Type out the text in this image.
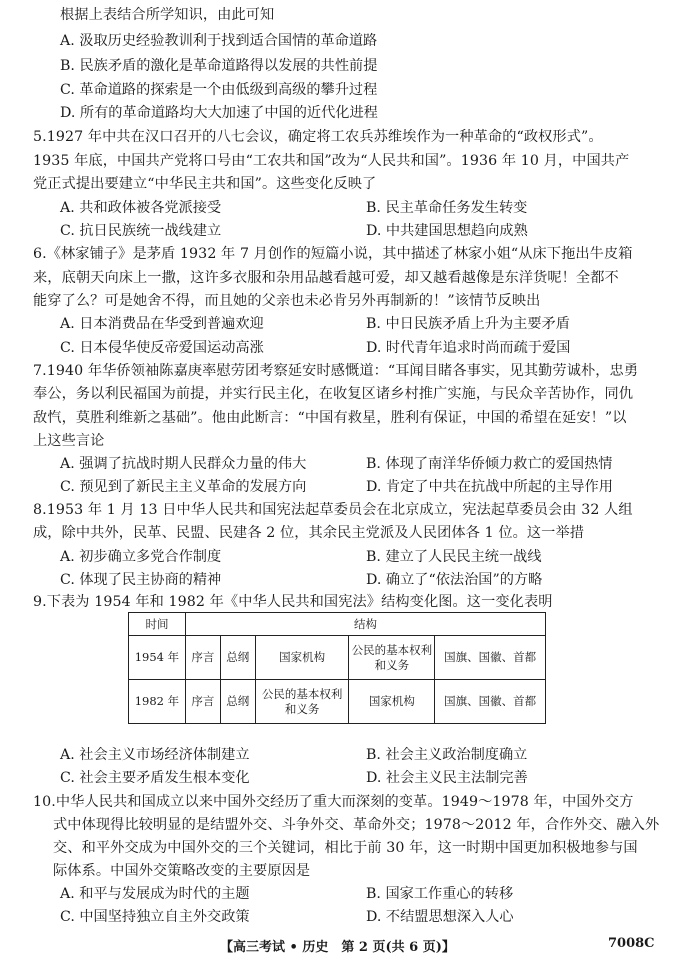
根据上表结合所学知识，由此可知
A. 汲取历史经验教训利于找到适合国情的革命道路
B. 民族矛盾的激化是革命道路得以发展的共性前提
C. 革命道路的探索是一个由低级到高级的攀升过程
D. 所有的革命道路均大大加速了中国的近代化进程
5.1927 年中共在汉口召开的八七会议，确定将工农兵苏维埃作为一种革命的“政权形式”。
1935 年底，中国共产党将口号由“工农共和国”改为“人民共和国”。1936 年 10 月，中国共产
党正式提出要建立“中华民主共和国”。这些变化反映了
A. 共和政体被各党派接受	B. 民主革命任务发生转变
C. 抗日民族统一战线建立	D. 中共建国思想趋向成熟
6.《林家铺子》是茅盾 1932 年 7 月创作的短篇小说，其中描述了林家小姐“从床下拖出牛皮箱
来，底朝天向床上一撒，这许多衣服和杂用品越看越可爱，却又越看越像是东洋货呢！全都不
能穿了么？可是她舍不得，而且她的父亲也未必肯另外再制新的！”该情节反映出
A. 日本消费品在华受到普遍欢迎	B. 中日民族矛盾上升为主要矛盾
C. 日本侵华使反帝爱国运动高涨	D. 时代青年追求时尚而疏于爱国
7.1940 年华侨领袖陈嘉庚率慰劳团考察延安时感慨道：“耳闻目睹各事实，见其勤劳诚朴，忠勇
奉公，务以利民福国为前提，并实行民主化，在收复区诸乡村推广实施，与民众辛苦协作，同仇
敌忾，莫胜利维新之基础”。他由此断言：“中国有救星，胜利有保证，中国的希望在延安！”以
上这些言论
A. 强调了抗战时期人民群众力量的伟大	B. 体现了南洋华侨倾力救亡的爱国热情
C. 预见到了新民主主义革命的发展方向	D. 肯定了中共在抗战中所起的主导作用
8.1953 年 1 月 13 日中华人民共和国宪法起草委员会在北京成立，宪法起草委员会由 32 人组
成，除中共外，民革、民盟、民建各 2 位，其余民主党派及人民团体各 1 位。这一举措
A. 初步确立多党合作制度	B. 建立了人民民主统一战线
C. 体现了民主协商的精神	D. 确立了“依法治国”的方略
9.下表为 1954 年和 1982 年《中华人民共和国宪法》结构变化图。这一变化表明
时间	结构				
1954 年	序言	总纲	国家机构	公民的基本权利和义务	国旗、国徽、首都
1982 年	序言	总纲	公民的基本权利和义务	国家机构	国旗、国徽、首都
A. 社会主义市场经济体制建立	B. 社会主义政治制度确立
C. 社会主要矛盾发生根本变化	D. 社会主义民主法制完善
10.中华人民共和国成立以来中国外交经历了重大而深刻的变革。1949～1978 年，中国外交方
式中体现得比较明显的是结盟外交、斗争外交、革命外交；1978～2012 年，合作外交、融入外
交、和平外交成为中国外交的三个关键词，相比于前 30 年，这一时期中国更加积极地参与国
际体系。中国外交策略改变的主要原因是
A. 和平与发展成为时代的主题	B. 国家工作重心的转移
C. 中国坚持独立自主外交政策	D. 不结盟思想深入人心
【高三考试 • 历史　第 2 页(共 6 页)】	7008C
